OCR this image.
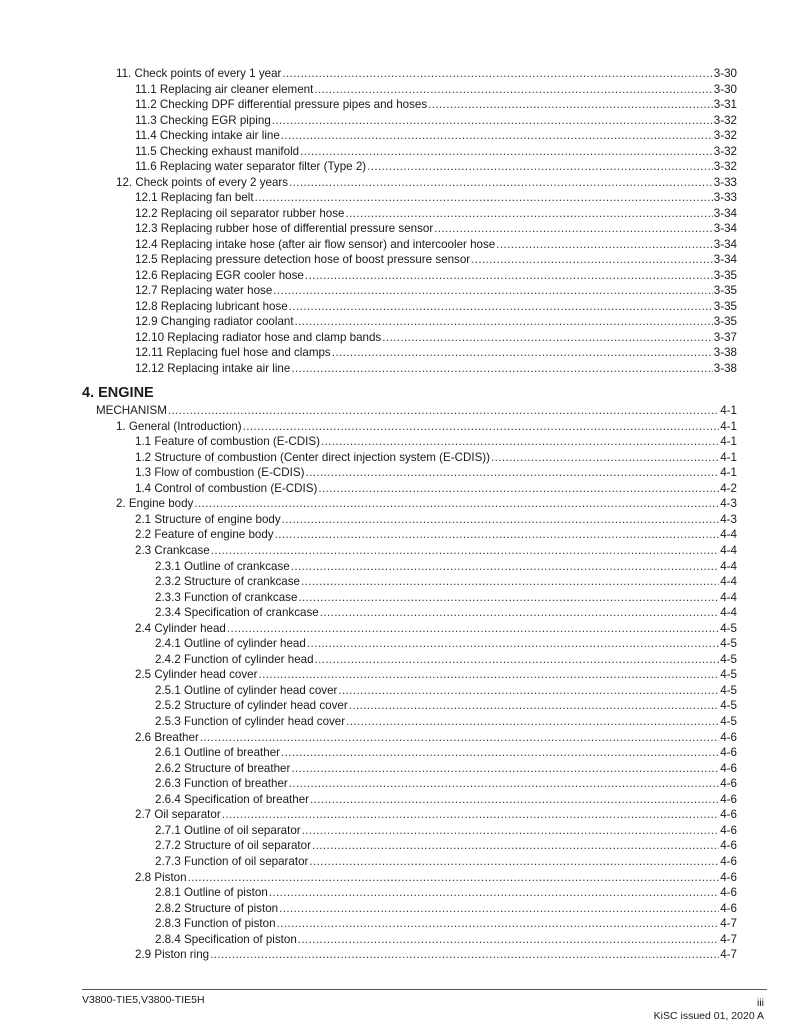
11. Check points of every 1 year .....	3-30
11.1 Replacing air cleaner element .....	3-30
11.2 Checking DPF differential pressure pipes and hoses .....	3-31
11.3 Checking EGR piping .....	3-32
11.4 Checking intake air line .....	3-32
11.5 Checking exhaust manifold .....	3-32
11.6 Replacing water separator filter (Type 2) .....	3-32
12. Check points of every 2 years .....	3-33
12.1 Replacing fan belt .....	3-33
12.2 Replacing oil separator rubber hose .....	3-34
12.3 Replacing rubber hose of differential pressure sensor .....	3-34
12.4 Replacing intake hose (after air flow sensor) and intercooler hose .....	3-34
12.5 Replacing pressure detection hose of boost pressure sensor .....	3-34
12.6 Replacing EGR cooler hose .....	3-35
12.7 Replacing water hose .....	3-35
12.8 Replacing lubricant hose .....	3-35
12.9 Changing radiator coolant .....	3-35
12.10 Replacing radiator hose and clamp bands .....	3-37
12.11 Replacing fuel hose and clamps .....	3-38
12.12 Replacing intake air line .....	3-38
4. ENGINE
MECHANISM .....	4-1
1. General (Introduction) .....	4-1
1.1 Feature of combustion (E-CDIS) .....	4-1
1.2 Structure of combustion (Center direct injection system (E-CDIS)) .....	4-1
1.3 Flow of combustion (E-CDIS) .....	4-1
1.4 Control of combustion (E-CDIS) .....	4-2
2. Engine body .....	4-3
2.1 Structure of engine body .....	4-3
2.2 Feature of engine body .....	4-4
2.3 Crankcase .....	4-4
2.3.1 Outline of crankcase .....	4-4
2.3.2 Structure of crankcase .....	4-4
2.3.3 Function of crankcase .....	4-4
2.3.4 Specification of crankcase .....	4-4
2.4 Cylinder head .....	4-5
2.4.1 Outline of cylinder head .....	4-5
2.4.2 Function of cylinder head .....	4-5
2.5 Cylinder head cover .....	4-5
2.5.1 Outline of cylinder head cover .....	4-5
2.5.2 Structure of cylinder head cover .....	4-5
2.5.3 Function of cylinder head cover .....	4-5
2.6 Breather .....	4-6
2.6.1 Outline of breather .....	4-6
2.6.2 Structure of breather .....	4-6
2.6.3 Function of breather .....	4-6
2.6.4 Specification of breather .....	4-6
2.7 Oil separator .....	4-6
2.7.1 Outline of oil separator .....	4-6
2.7.2 Structure of oil separator .....	4-6
2.7.3 Function of oil separator .....	4-6
2.8 Piston .....	4-6
2.8.1 Outline of piston .....	4-6
2.8.2 Structure of piston .....	4-6
2.8.3 Function of piston .....	4-7
2.8.4 Specification of piston .....	4-7
2.9 Piston ring .....	4-7
V3800-TIE5,V3800-TIE5H	iii
KiSC issued 01, 2020 A
